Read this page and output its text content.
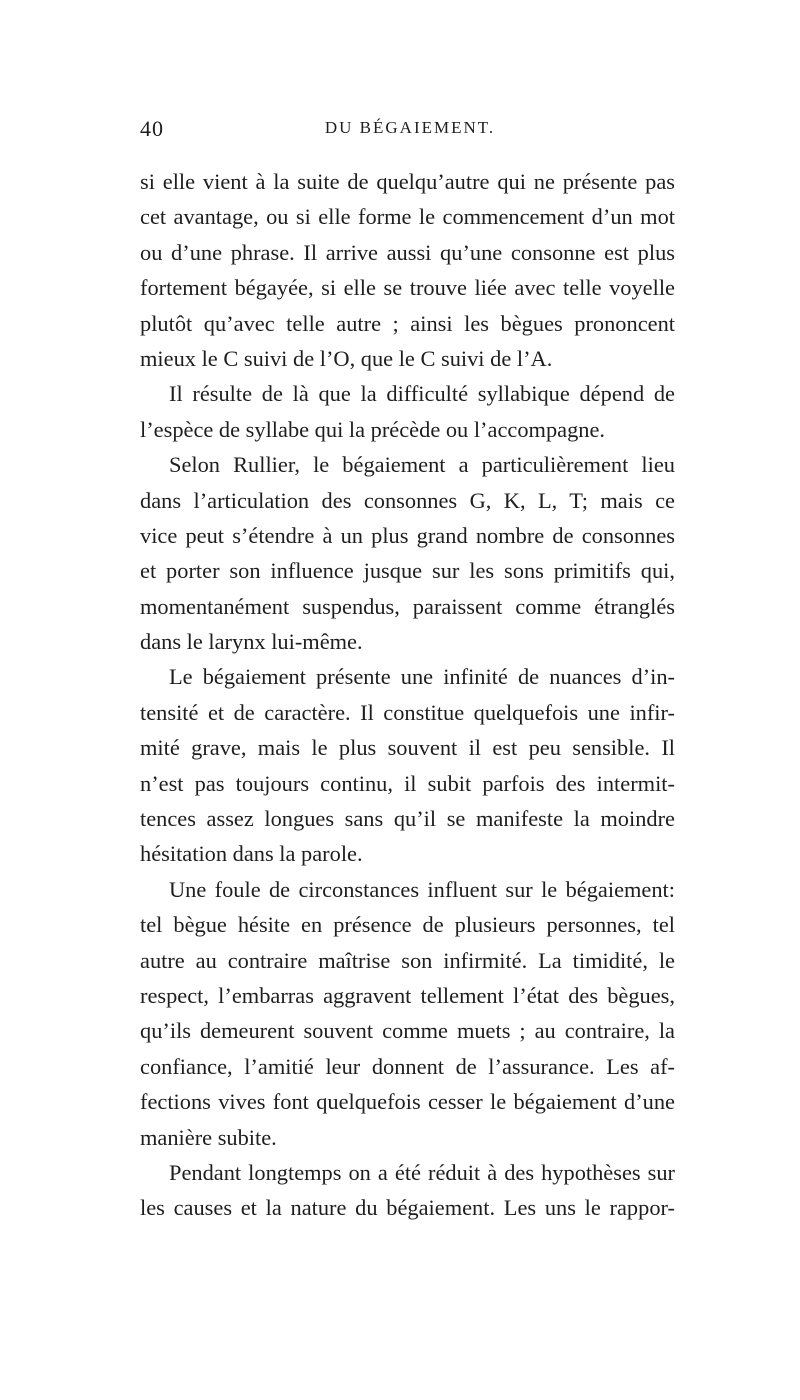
40	DU BÉGAIEMENT.
si elle vient à la suite de quelqu’autre qui ne présente pas
cet avantage, ou si elle forme le commencement d’un mot
ou d’une phrase. Il arrive aussi qu’une consonne est plus
fortement bégayée, si elle se trouve liée avec telle voyelle
plutôt qu’avec telle autre ; ainsi les bègues prononcent
mieux le C suivi de l’O, que le C suivi de l’A.
Il résulte de là que la difficulté syllabique dépend de
l’espèce de syllabe qui la précède ou l’accompagne.
Selon Rullier, le bégaiement a particulièrement lieu
dans l’articulation des consonnes G, K, L, T; mais ce
vice peut s’étendre à un plus grand nombre de consonnes
et porter son influence jusque sur les sons primitifs qui,
momentanément suspendus, paraissent comme étranglés
dans le larynx lui-même.
Le bégaiement présente une infinité de nuances d’in-
tensité et de caractère. Il constitue quelquefois une infir-
mité grave, mais le plus souvent il est peu sensible. Il
n’est pas toujours continu, il subit parfois des intermit-
tences assez longues sans qu’il se manifeste la moindre
hésitation dans la parole.
Une foule de circonstances influent sur le bégaiement:
tel bègue hésite en présence de plusieurs personnes, tel
autre au contraire maîtrise son infirmité. La timidité, le
respect, l’embarras aggravent tellement l’état des bègues,
qu’ils demeurent souvent comme muets ; au contraire, la
confiance, l’amitié leur donnent de l’assurance. Les af-
fections vives font quelquefois cesser le bégaiement d’une
manière subite.
Pendant longtemps on a été réduit à des hypothèses sur
les causes et la nature du bégaiement. Les uns le rappor-
